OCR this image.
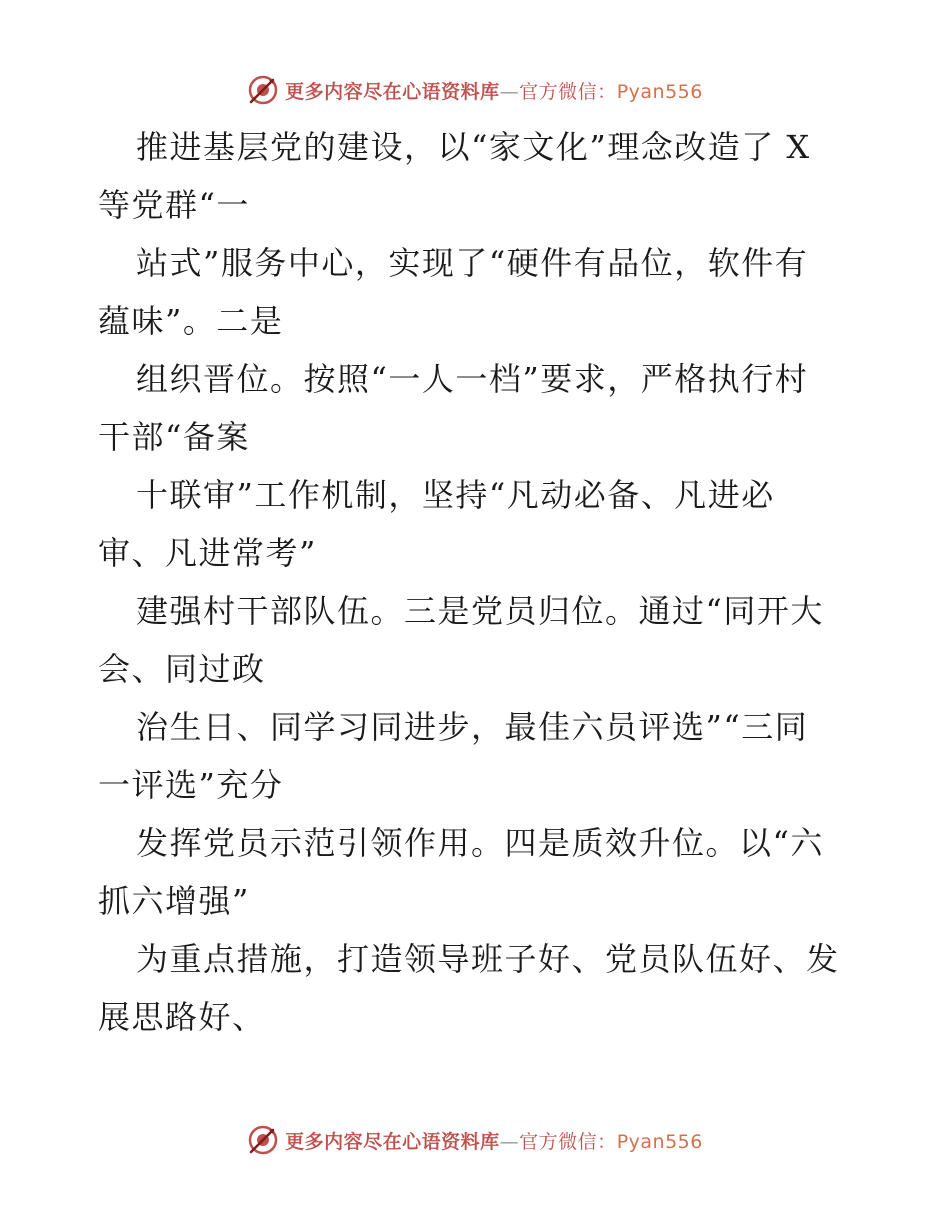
更多内容尽在心语资料库—官方微信：Pyan556
推进基层党的建设，以“家文化”理念改造了 X
等党群“一
站式”服务中心，实现了“硬件有品位，软件有
蕴味”。二是
组织晋位。按照“一人一档”要求，严格执行村
干部“备案
十联审”工作机制，坚持“凡动必备、凡进必
审、凡进常考”
建强村干部队伍。三是党员归位。通过“同开大
会、同过政
治生日、同学习同进步，最佳六员评选”“三同
一评选”充分
发挥党员示范引领作用。四是质效升位。以“六
抓六增强”
为重点措施，打造领导班子好、党员队伍好、发
展思路好、
更多内容尽在心语资料库—官方微信：Pyan556
